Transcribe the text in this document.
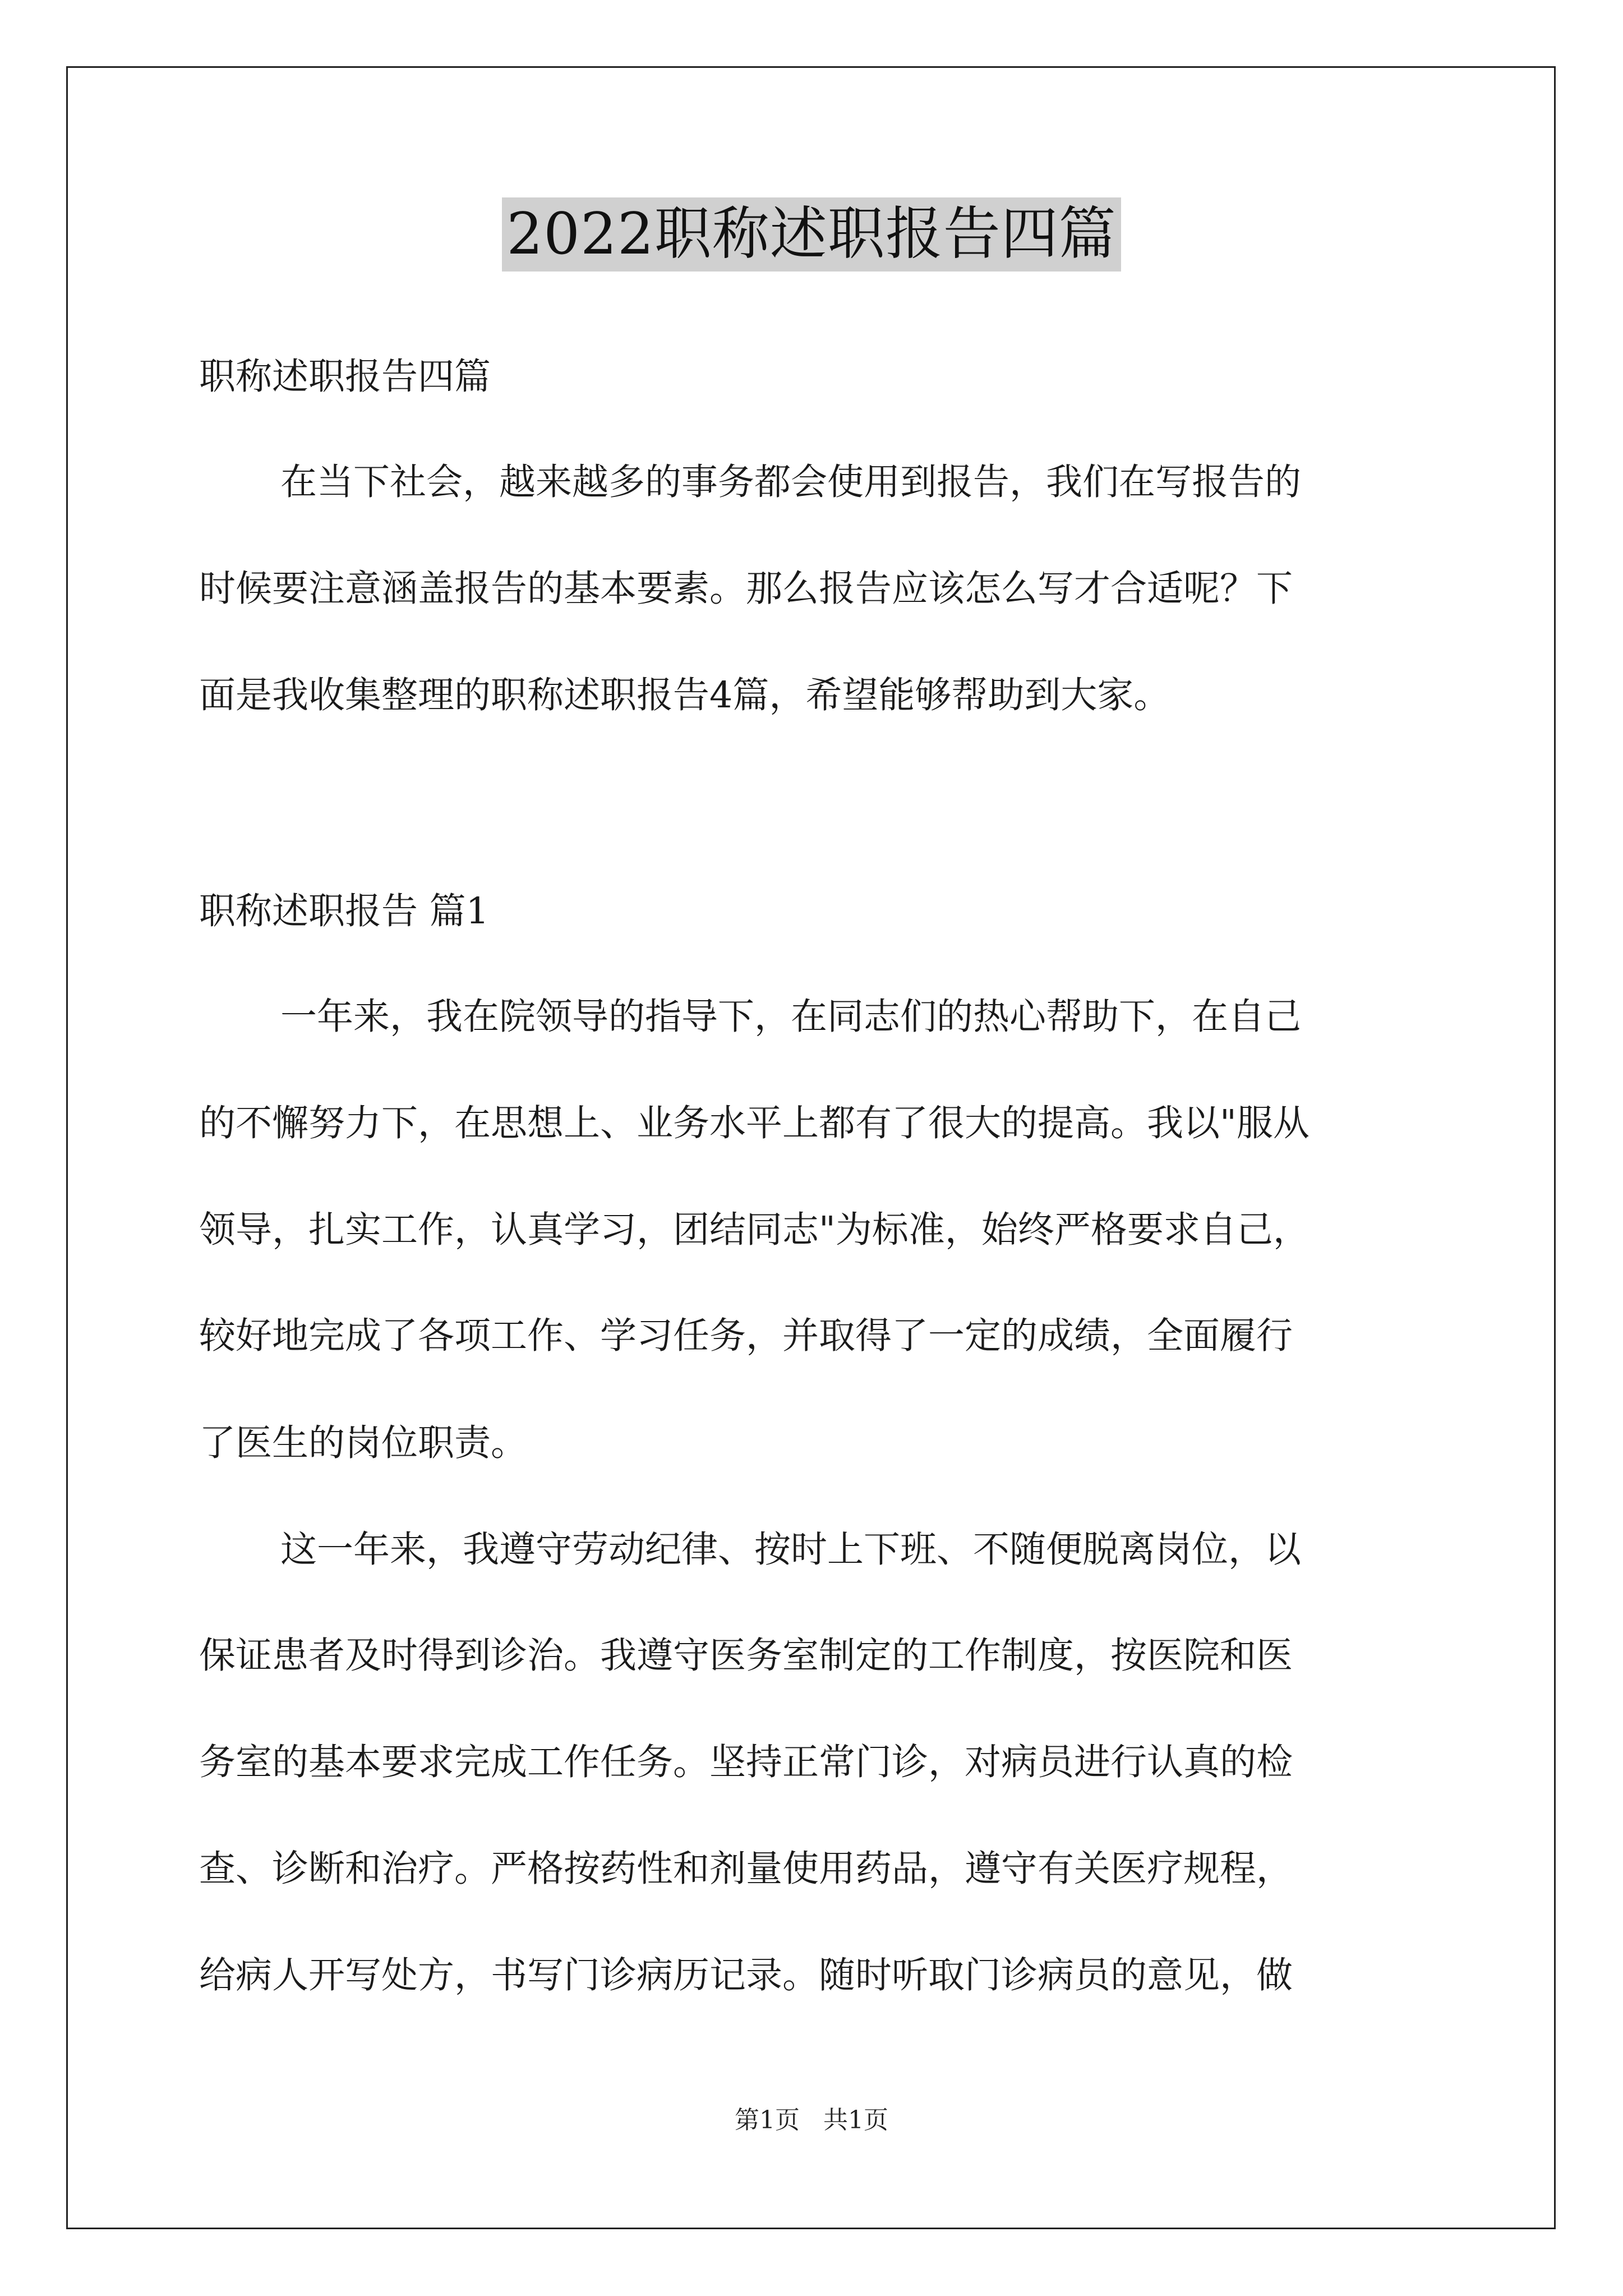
2022职称述职报告四篇
职称述职报告四篇
在当下社会，越来越多的事务都会使用到报告，我们在写报告的
时候要注意涵盖报告的基本要素。那么报告应该怎么写才合适呢？下
面是我收集整理的职称述职报告4篇，希望能够帮助到大家。
职称述职报告 篇1
一年来，我在院领导的指导下，在同志们的热心帮助下，在自己
的不懈努力下，在思想上、业务水平上都有了很大的提高。我以"服从
领导，扎实工作，认真学习，团结同志"为标准，始终严格要求自己，
较好地完成了各项工作、学习任务，并取得了一定的成绩，全面履行
了医生的岗位职责。
这一年来，我遵守劳动纪律、按时上下班、不随便脱离岗位，以
保证患者及时得到诊治。我遵守医务室制定的工作制度，按医院和医
务室的基本要求完成工作任务。坚持正常门诊，对病员进行认真的检
查、诊断和治疗。严格按药性和剂量使用药品，遵守有关医疗规程，
给病人开写处方，书写门诊病历记录。随时听取门诊病员的意见，做
第1页   共1页
